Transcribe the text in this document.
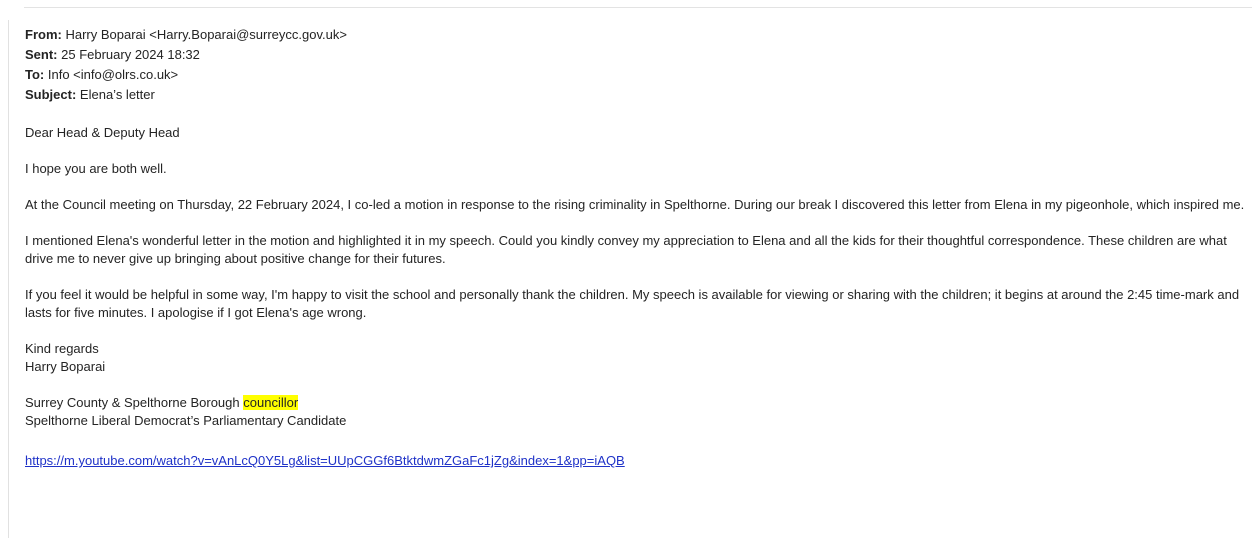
From: Harry Boparai <Harry.Boparai@surreycc.gov.uk>
Sent: 25 February 2024 18:32
To: Info <info@olrs.co.uk>
Subject: Elena’s letter

Dear Head & Deputy Head

I hope you are both well.

At the Council meeting on Thursday, 22 February 2024, I co-led a motion in response to the rising criminality in Spelthorne. During our break I discovered this letter from Elena in my pigeonhole, which inspired me.

I mentioned Elena's wonderful letter in the motion and highlighted it in my speech. Could you kindly convey my appreciation to Elena and all the kids for their thoughtful correspondence. These children are what drive me to never give up bringing about positive change for their futures.

If you feel it would be helpful in some way, I'm happy to visit the school and personally thank the children. My speech is available for viewing or sharing with the children; it begins at around the 2:45 time-mark and lasts for five minutes. I apologise if I got Elena's age wrong.

Kind regards
Harry Boparai
Surrey County & Spelthorne Borough councillor
Spelthorne Liberal Democrat’s Parliamentary Candidate
https://m.youtube.com/watch?v=vAnLcQ0Y5Lg&list=UUpCGGf6BtktdwmZGaFc1jZg&index=1&pp=iAQB
